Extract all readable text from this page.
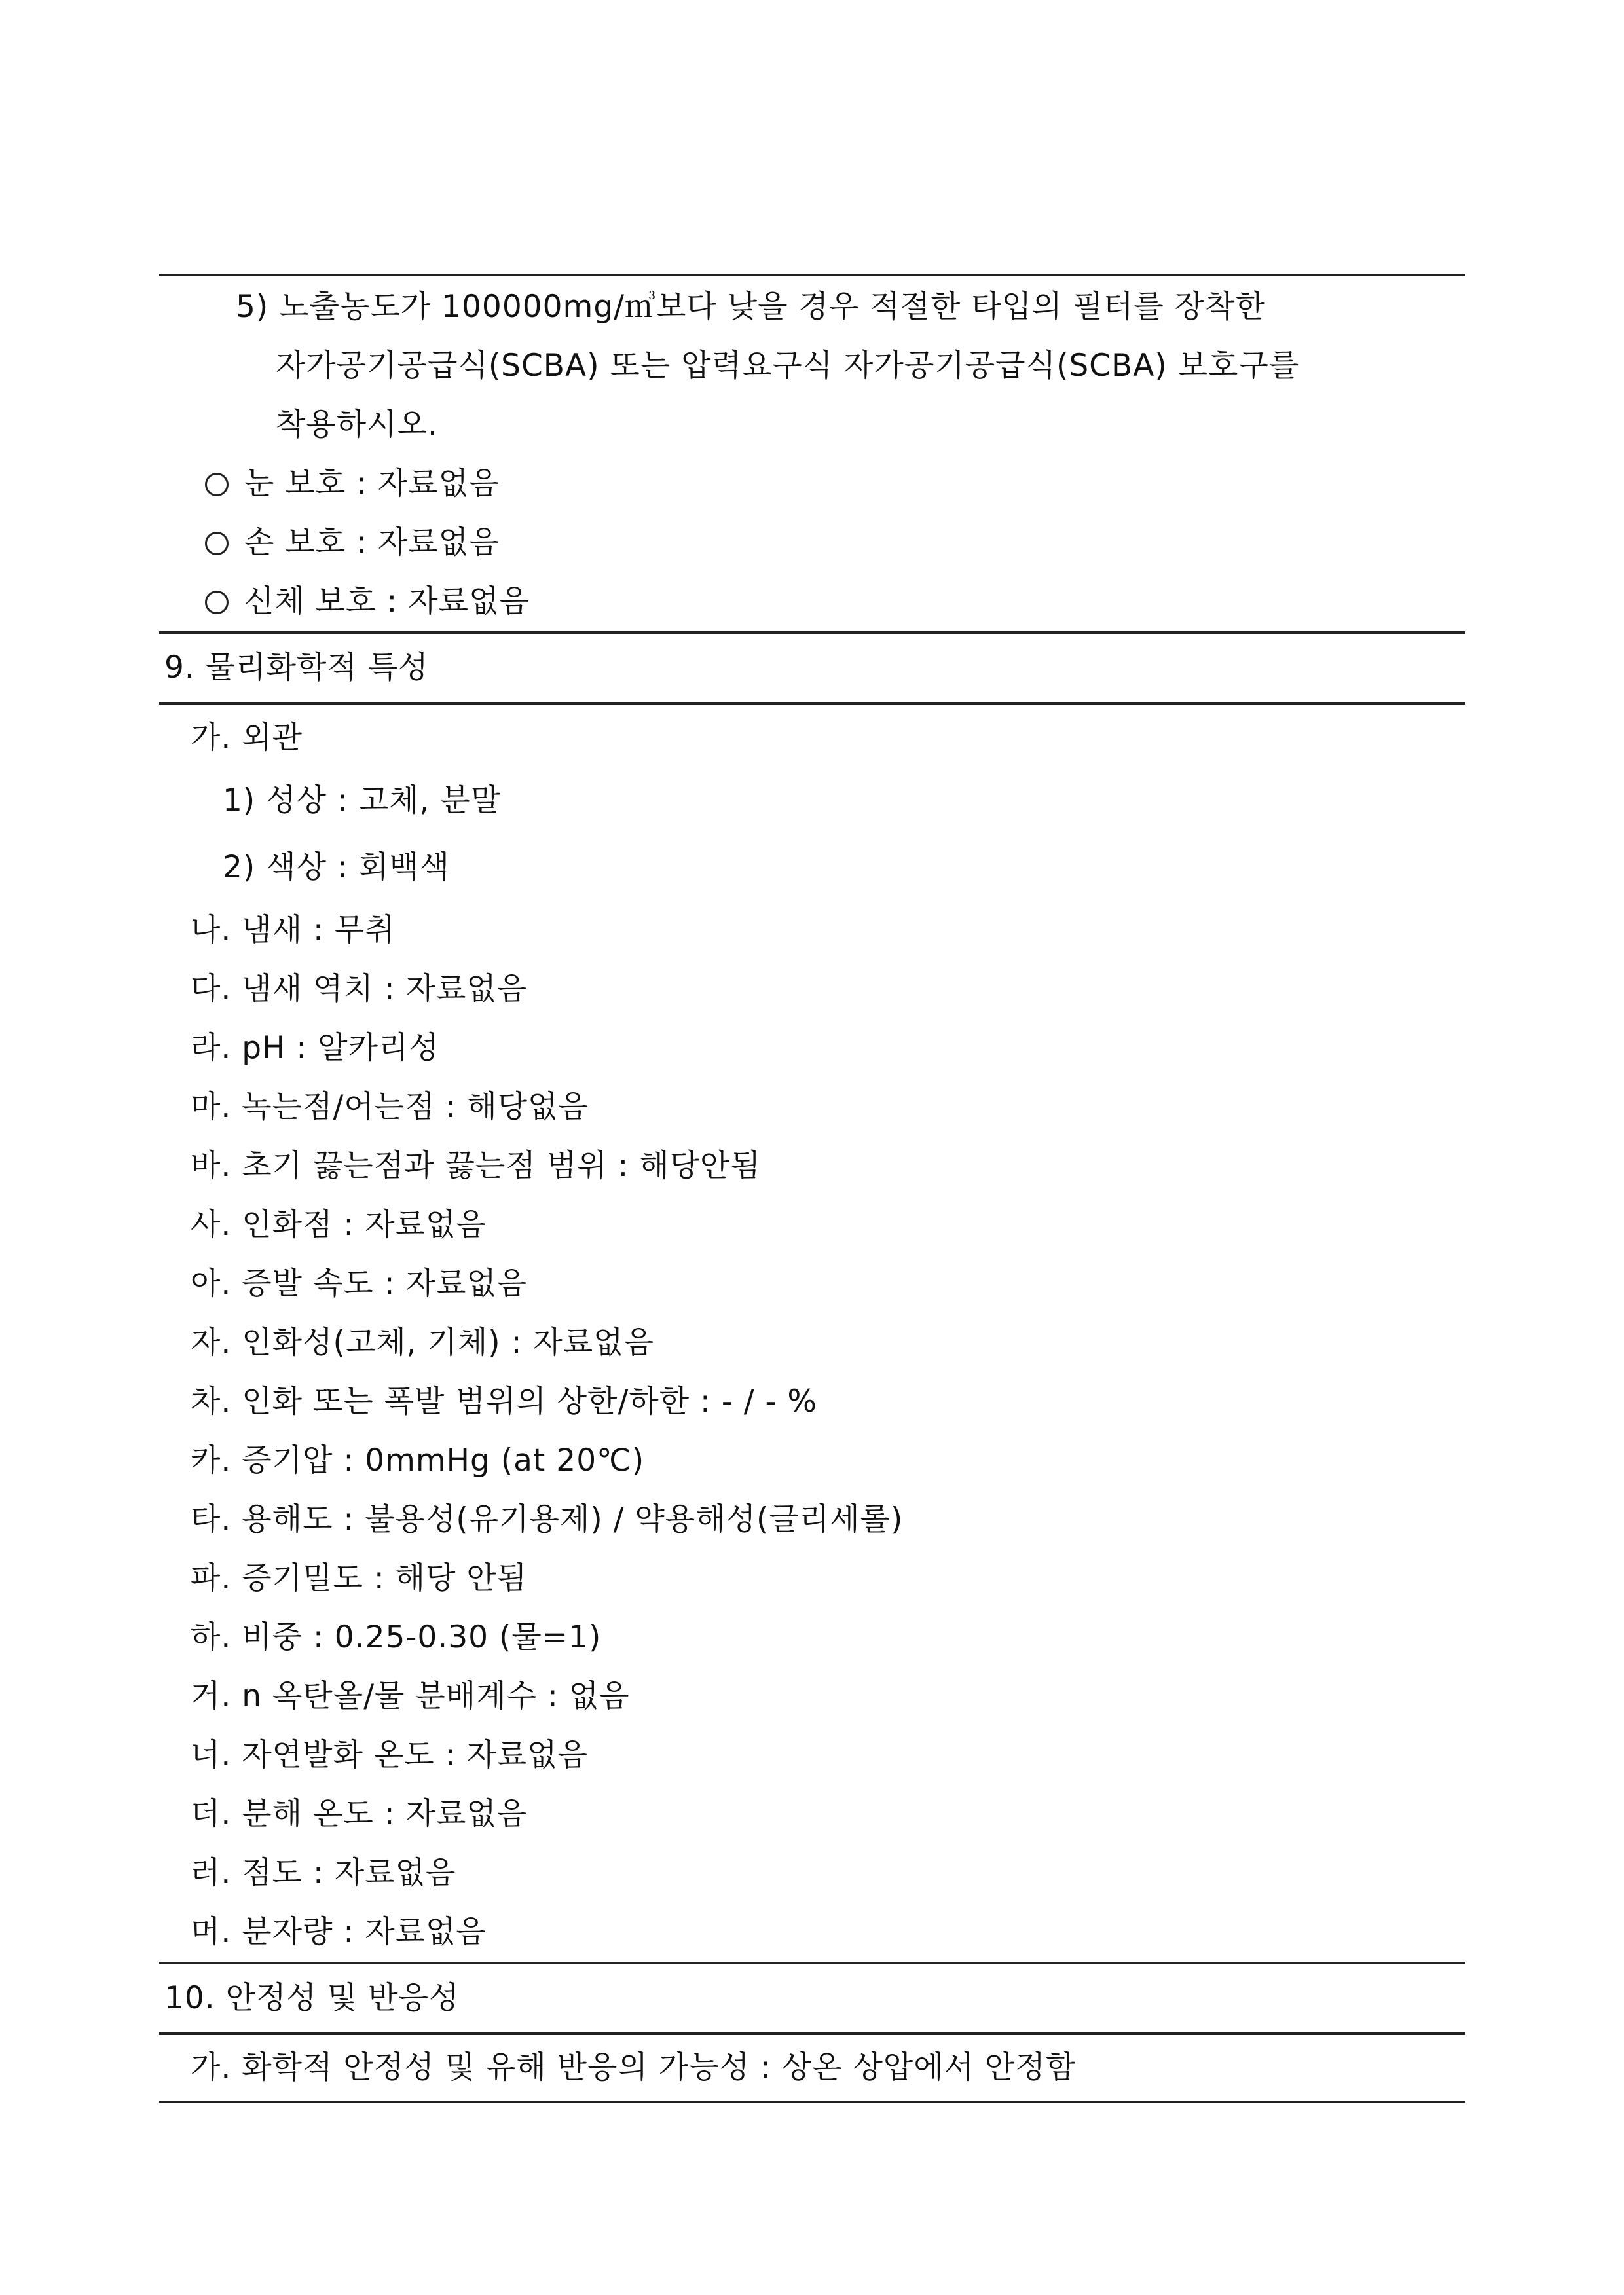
5) 노출농도가 100000mg/㎥보다 낮을 경우 적절한 타입의 필터를 장착한
자가공기공급식(SCBA) 또는 압력요구식 자가공기공급식(SCBA) 보호구를
착용하시오.
눈 보호 : 자료없음
손 보호 : 자료없음
신체 보호 : 자료없음
9. 물리화학적 특성
가. 외관
1) 성상 : 고체, 분말
2) 색상 : 회백색
나. 냄새 : 무취
다. 냄새 역치 : 자료없음
라. pH : 알카리성
마. 녹는점/어는점 : 해당없음
바. 초기 끓는점과 끓는점 범위 : 해당안됨
사. 인화점 : 자료없음
아. 증발 속도 : 자료없음
자. 인화성(고체, 기체) : 자료없음
차. 인화 또는 폭발 범위의 상한/하한 : - / - %
카. 증기압 : 0mmHg (at 20℃)
타. 용해도 : 불용성(유기용제) / 약용해성(글리세롤)
파. 증기밀도 : 해당 안됨
하. 비중 : 0.25-0.30 (물=1)
거. n 옥탄올/물 분배계수 : 없음
너. 자연발화 온도 : 자료없음
더. 분해 온도 : 자료없음
러. 점도 : 자료없음
머. 분자량 : 자료없음
10. 안정성 및 반응성
가. 화학적 안정성 및 유해 반응의 가능성 : 상온 상압에서 안정함
